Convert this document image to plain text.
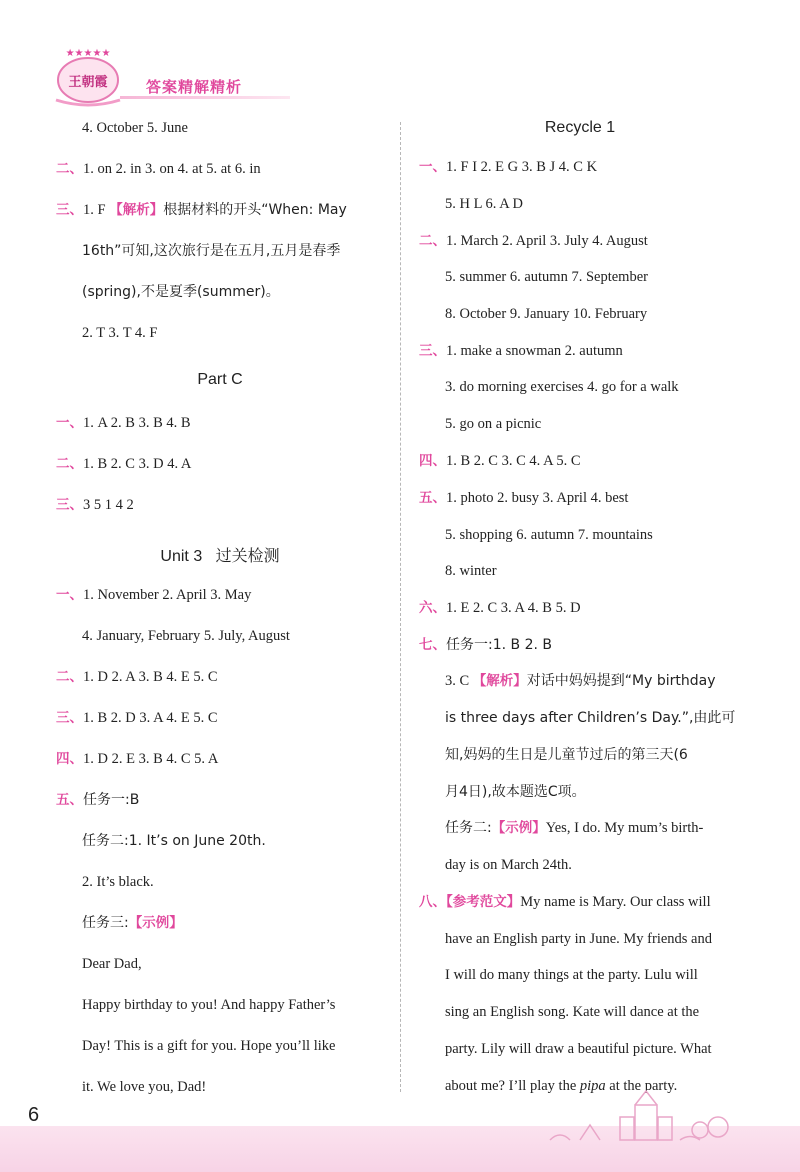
★★★★★
王朝霞	答案精解精析
4. October 5. June
二、1. on 2. in 3. on 4. at 5. at 6. in
三、1. F 【解析】根据材料的开头“When: May
16th”可知,这次旅行是在五月,五月是春季
(spring),不是夏季(summer)。
2. T 3. T 4. F
Part C
一、1. A 2. B 3. B 4. B
二、1. B 2. C 3. D 4. A
三、3 5 1 4 2
Unit 3 过关检测
一、1. November 2. April 3. May
4. January, February 5. July, August
二、1. D 2. A 3. B 4. E 5. C
三、1. B 2. D 3. A 4. E 5. C
四、1. D 2. E 3. B 4. C 5. A
五、任务一:B
任务二:1. It’s on June 20th.
2. It’s black.
任务三:【示例】
Dear Dad,
Happy birthday to you! And happy Father’s
Day! This is a gift for you. Hope you’ll like
it. We love you, Dad!
Recycle 1
一、1. F I 2. E G 3. B J 4. C K
5. H L 6. A D
二、1. March 2. April 3. July 4. August
5. summer 6. autumn 7. September
8. October 9. January 10. February
三、1. make a snowman 2. autumn
3. do morning exercises 4. go for a walk
5. go on a picnic
四、1. B 2. C 3. C 4. A 5. C
五、1. photo 2. busy 3. April 4. best
5. shopping 6. autumn 7. mountains
8. winter
六、1. E 2. C 3. A 4. B 5. D
七、任务一:1. B 2. B
3. C 【解析】对话中妈妈提到“My birthday
is three days after Children’s Day.”,由此可
知,妈妈的生日是儿童节过后的第三天(6
月4日),故本题选C项。
任务二:【示例】Yes, I do. My mum’s birth-
day is on March 24th.
八、【参考范文】My name is Mary. Our class will
have an English party in June. My friends and
I will do many things at the party. Lulu will
sing an English song. Kate will dance at the
party. Lily will draw a beautiful picture. What
about me? I’ll play the pipa at the party.
6
